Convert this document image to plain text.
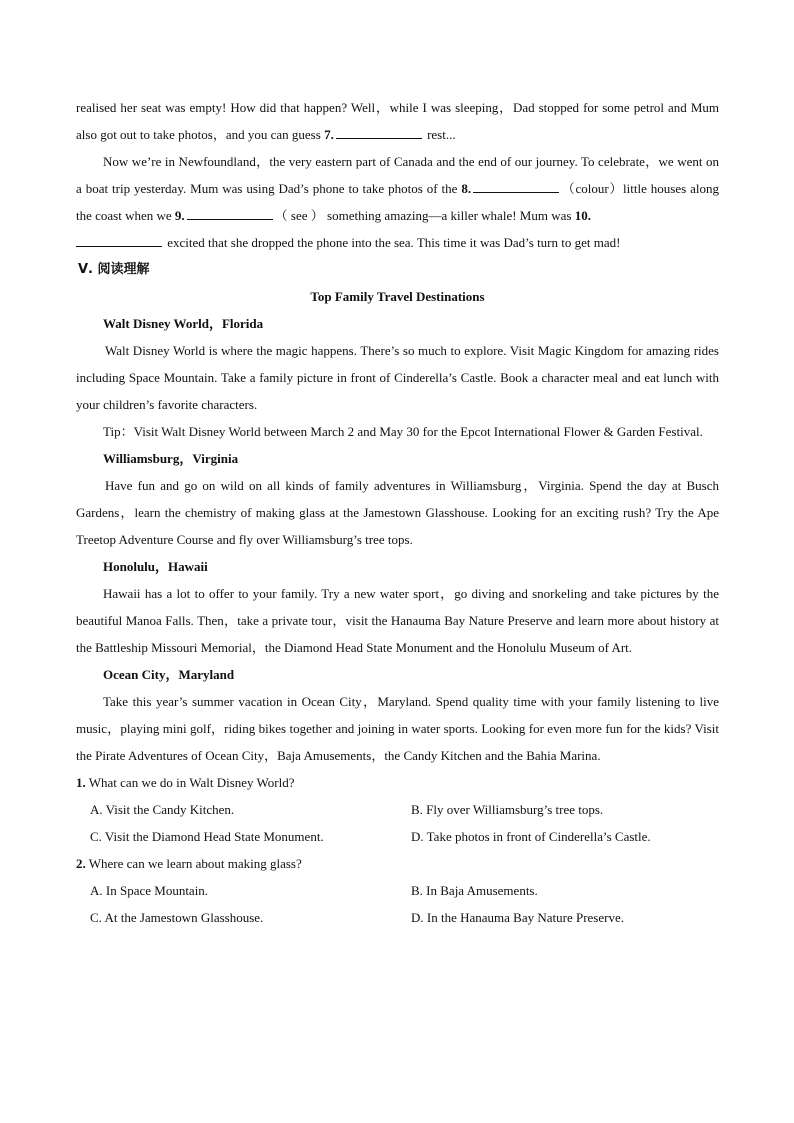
realised her seat was empty! How did that happen? Well，while I was sleeping，Dad stopped for some petrol and Mum also got out to take photos，and you can guess 7.	rest...

Now we’re in Newfoundland，the very eastern part of Canada and the end of our journey. To celebrate，we went on a boat trip yesterday. Mum was using Dad’s phone to take photos of the 8.	（colour）little houses along the coast when we 9.	（ see ） something amazing—a killer whale! Mum was 10.
excited that she dropped the phone into the sea. This time it was Dad’s turn to get mad!

Ⅴ. 阅读理解
Top Family Travel Destinations
Walt Disney World，Florida

Walt Disney World is where the magic happens. There’s so much to explore. Visit Magic Kingdom for amazing rides including Space Mountain. Take a family picture in front of Cinderella’s Castle. Book a character meal and eat lunch with your children’s favorite characters.

Tip：Visit Walt Disney World between March 2 and May 30 for the Epcot International Flower & Garden Festival.

Williamsburg，Virginia

Have fun and go on wild on all kinds of family adventures in Williamsburg，Virginia. Spend the day at Busch Gardens，learn the chemistry of making glass at the Jamestown Glasshouse. Looking for an exciting rush? Try the Ape Treetop Adventure Course and fly over Williamsburg’s tree tops.

Honolulu，Hawaii

Hawaii has a lot to offer to your family. Try a new water sport，go diving and snorkeling and take pictures by the beautiful Manoa Falls. Then，take a private tour，visit the Hanauma Bay Nature Preserve and learn more about history at the Battleship Missouri Memorial，the Diamond Head State Monument and the Honolulu Museum of Art.

Ocean City，Maryland

Take this year’s summer vacation in Ocean City，Maryland. Spend quality time with your family listening to live music，playing mini golf，riding bikes together and joining in water sports. Looking for even more fun for the kids? Visit the Pirate Adventures of Ocean City，Baja Amusements，the Candy Kitchen and the Bahia Marina.

1. What can we do in Walt Disney World?
A. Visit the Candy Kitchen.	B. Fly over Williamsburg’s tree tops.
C. Visit the Diamond Head State Monument.	D. Take photos in front of Cinderella’s Castle.
2. Where can we learn about making glass?
A. In Space Mountain.	B. In Baja Amusements.
C. At the Jamestown Glasshouse.	D. In the Hanauma Bay Nature Preserve.
